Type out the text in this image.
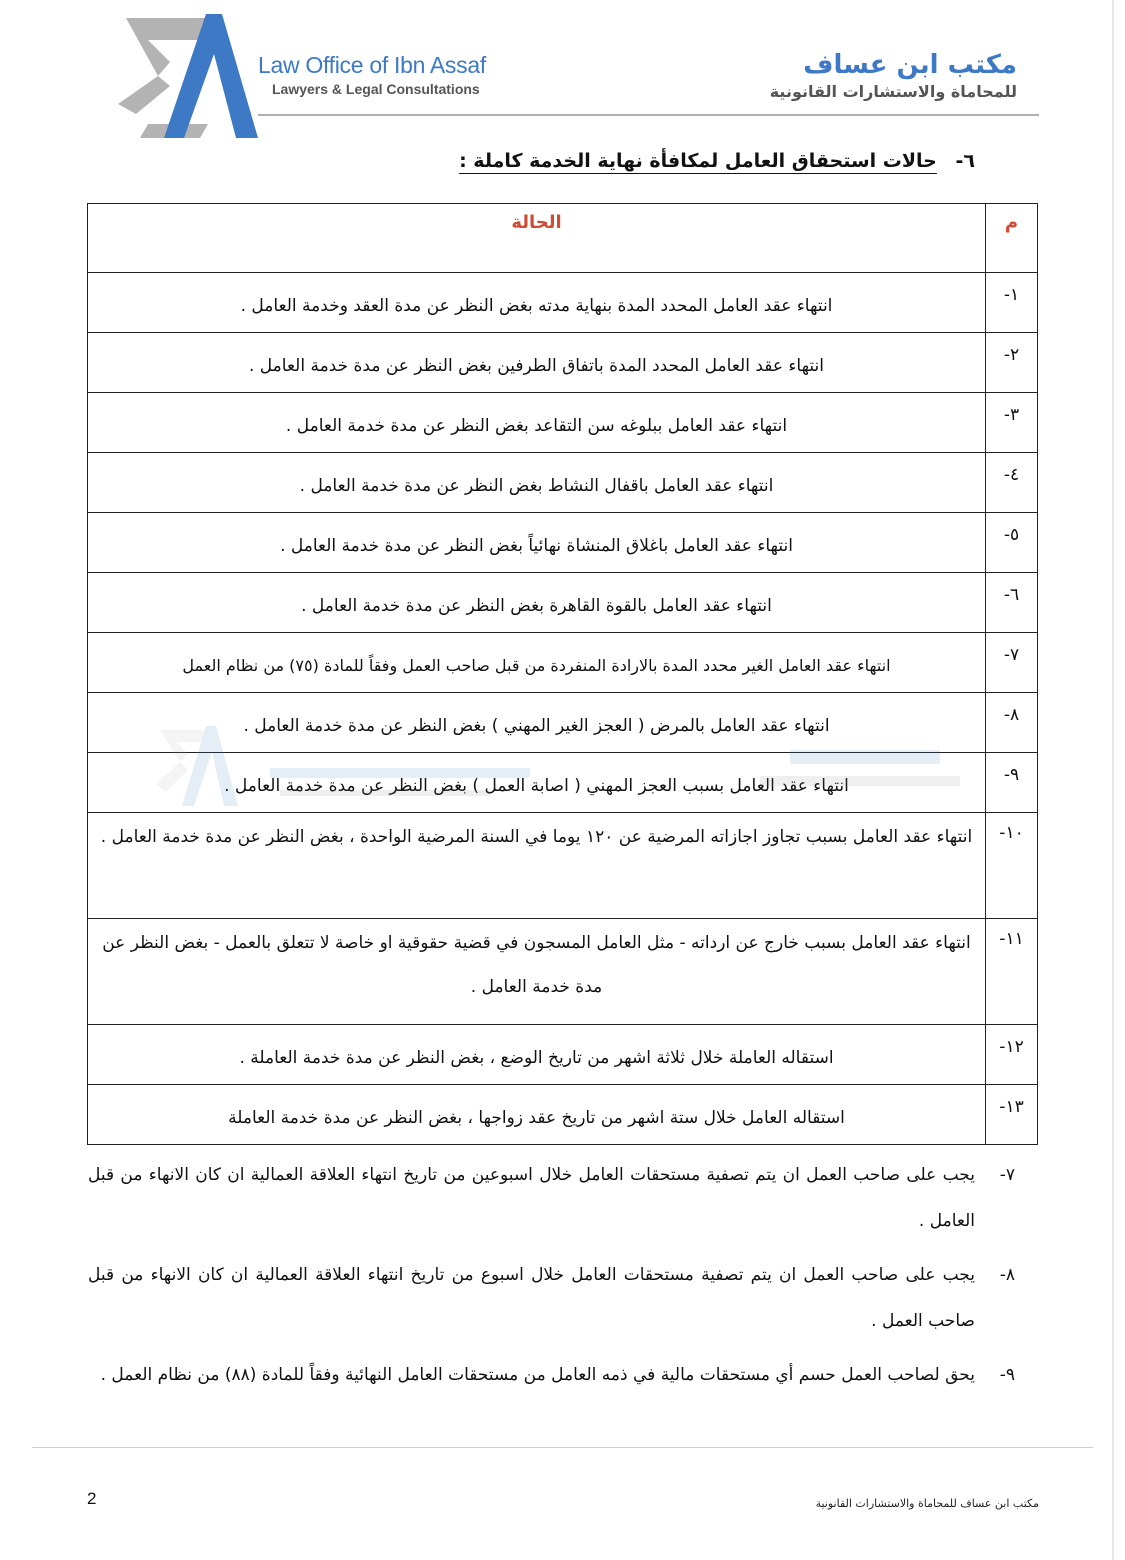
Law Office of Ibn Assaf
Lawyers & Legal Consultations
مكتب ابن عساف
للمحاماة والاستشارات القانونية
٦- حالات استحقاق العامل لمكافأة نهاية الخدمة كاملة :
م	الحالة
١-	انتهاء عقد العامل المحدد المدة بنهاية مدته بغض النظر عن مدة العقد وخدمة العامل .
٢-	انتهاء عقد العامل المحدد المدة باتفاق الطرفين بغض النظر عن مدة خدمة العامل .
٣-	انتهاء عقد العامل ببلوغه سن التقاعد بغض النظر عن مدة خدمة العامل .
٤-	انتهاء عقد العامل باقفال النشاط بغض النظر عن مدة خدمة العامل .
٥-	انتهاء عقد العامل باغلاق المنشاة نهائياً بغض النظر عن مدة خدمة العامل .
٦-	انتهاء عقد العامل بالقوة القاهرة بغض النظر عن مدة خدمة العامل .
٧-	انتهاء عقد العامل الغير محدد المدة بالارادة المنفردة من قبل صاحب العمل وفقاً للمادة (٧٥) من نظام العمل
٨-	انتهاء عقد العامل بالمرض ( العجز الغير المهني ) بغض النظر عن مدة خدمة العامل .
٩-	انتهاء عقد العامل بسبب العجز المهني ( اصابة العمل ) بغض النظر عن مدة خدمة العامل .
١٠-	انتهاء عقد العامل بسبب تجاوز اجازاته المرضية عن ١٢٠ يوما في السنة المرضية الواحدة ، بغض النظر عن مدة خدمة العامل .
١١-	انتهاء عقد العامل بسبب خارج عن ارداته - مثل العامل المسجون في قضية حقوقية او خاصة لا تتعلق بالعمل - بغض النظر عن مدة خدمة العامل .
١٢-	استقاله العاملة خلال ثلاثة اشهر من تاريخ الوضع ، بغض النظر عن مدة خدمة العاملة .
١٣-	استقاله العامل خلال ستة اشهر من تاريخ عقد زواجها ، بغض النظر عن مدة خدمة العاملة
٧-
يجب على صاحب العمل ان يتم تصفية مستحقات العامل خلال اسبوعين من تاريخ انتهاء العلاقة العمالية ان كان الانهاء من قبل العامل .
٨-
يجب على صاحب العمل ان يتم تصفية مستحقات العامل خلال اسبوع من تاريخ انتهاء العلاقة العمالية ان كان الانهاء من قبل صاحب العمل .
٩-
يحق لصاحب العمل حسم أي مستحقات مالية في ذمه العامل من مستحقات العامل النهائية وفقاً للمادة (٨٨) من نظام العمل .
2	مكتب ابن عساف للمحاماة والاستشارات القانونية
